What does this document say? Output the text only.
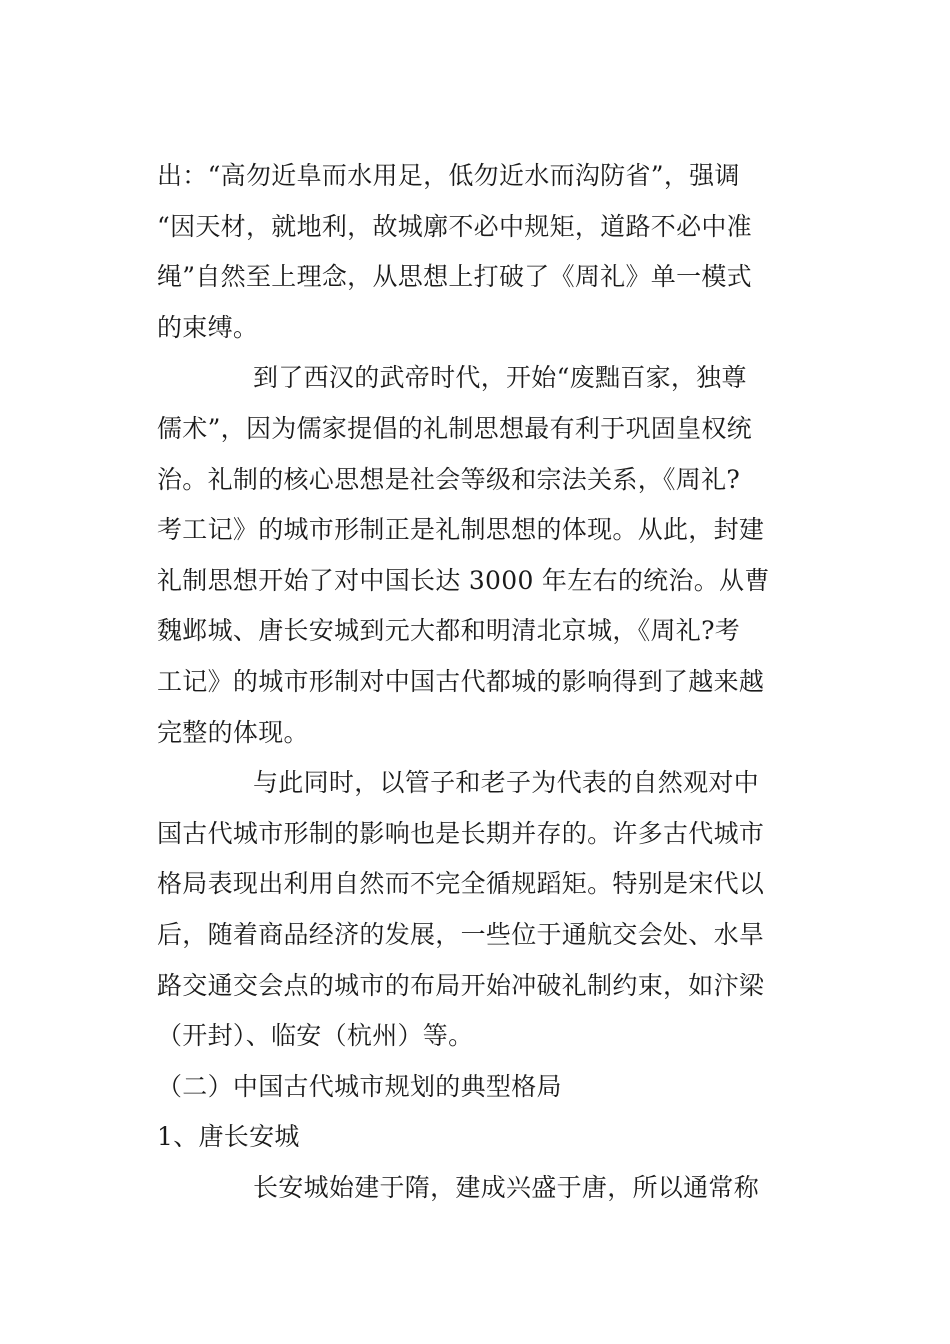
出：“高勿近阜而水用足，低勿近水而沟防省”，强调
“因天材，就地利，故城廓不必中规矩，道路不必中准
绳”自然至上理念，从思想上打破了《周礼》单一模式
的束缚。
到了西汉的武帝时代，开始“废黜百家，独尊
儒术”，因为儒家提倡的礼制思想最有利于巩固皇权统
治。礼制的核心思想是社会等级和宗法关系，《周礼?
考工记》的城市形制正是礼制思想的体现。从此，封建
礼制思想开始了对中国长达 3000 年左右的统治。从曹
魏邺城、唐长安城到元大都和明清北京城，《周礼?考
工记》的城市形制对中国古代都城的影响得到了越来越
完整的体现。
与此同时，以管子和老子为代表的自然观对中
国古代城市形制的影响也是长期并存的。许多古代城市
格局表现出利用自然而不完全循规蹈矩。特别是宋代以
后，随着商品经济的发展，一些位于通航交会处、水旱
路交通交会点的城市的布局开始冲破礼制约束，如汴梁
（开封）、临安（杭州）等。
（二）中国古代城市规划的典型格局
1、唐长安城
长安城始建于隋，建成兴盛于唐，所以通常称
